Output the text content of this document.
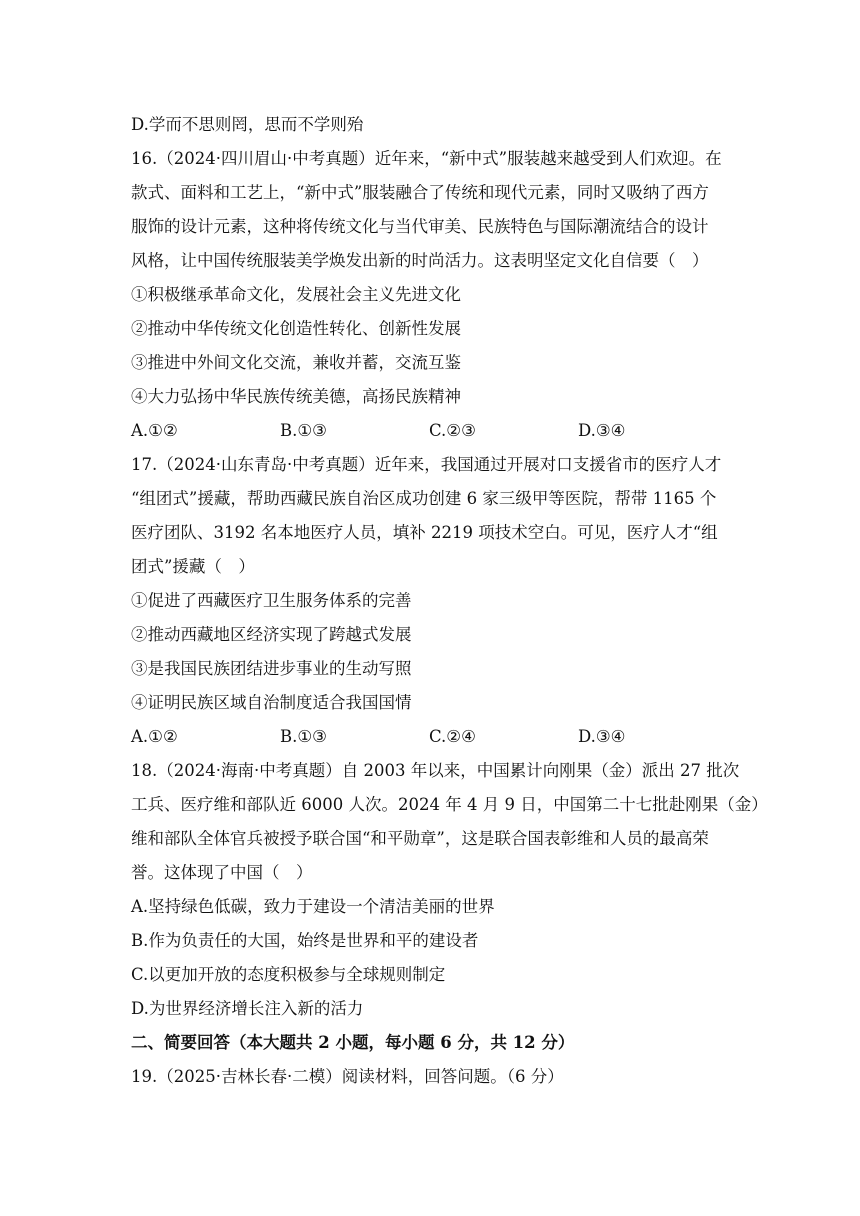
D.学而不思则罔，思而不学则殆
16.（2024·四川眉山·中考真题）近年来，“新中式”服装越来越受到人们欢迎。在
款式、面料和工艺上，“新中式”服装融合了传统和现代元素，同时又吸纳了西方
服饰的设计元素，这种将传统文化与当代审美、民族特色与国际潮流结合的设计
风格，让中国传统服装美学焕发出新的时尚活力。这表明坚定文化自信要（　）
①积极继承革命文化，发展社会主义先进文化
②推动中华传统文化创造性转化、创新性发展
③推进中外间文化交流，兼收并蓄，交流互鉴
④大力弘扬中华民族传统美德，高扬民族精神
A.①②	B.①③	C.②③	D.③④
17.（2024·山东青岛·中考真题）近年来，我国通过开展对口支援省市的医疗人才
“组团式”援藏，帮助西藏民族自治区成功创建 6 家三级甲等医院，帮带 1165 个
医疗团队、3192 名本地医疗人员，填补 2219 项技术空白。可见，医疗人才“组
团式”援藏（　）
①促进了西藏医疗卫生服务体系的完善
②推动西藏地区经济实现了跨越式发展
③是我国民族团结进步事业的生动写照
④证明民族区域自治制度适合我国国情
A.①②	B.①③	C.②④	D.③④
18.（2024·海南·中考真题）自 2003 年以来，中国累计向刚果（金）派出 27 批次
工兵、医疗维和部队近 6000 人次。2024 年 4 月 9 日，中国第二十七批赴刚果（金）
维和部队全体官兵被授予联合国“和平勋章”，这是联合国表彰维和人员的最高荣
誉。这体现了中国（　）
A.坚持绿色低碳，致力于建设一个清洁美丽的世界
B.作为负责任的大国，始终是世界和平的建设者
C.以更加开放的态度积极参与全球规则制定
D.为世界经济增长注入新的活力
二、简要回答（本大题共 2 小题，每小题 6 分，共 12 分）
19.（2025·吉林长春·二模）阅读材料，回答问题。（6 分）
